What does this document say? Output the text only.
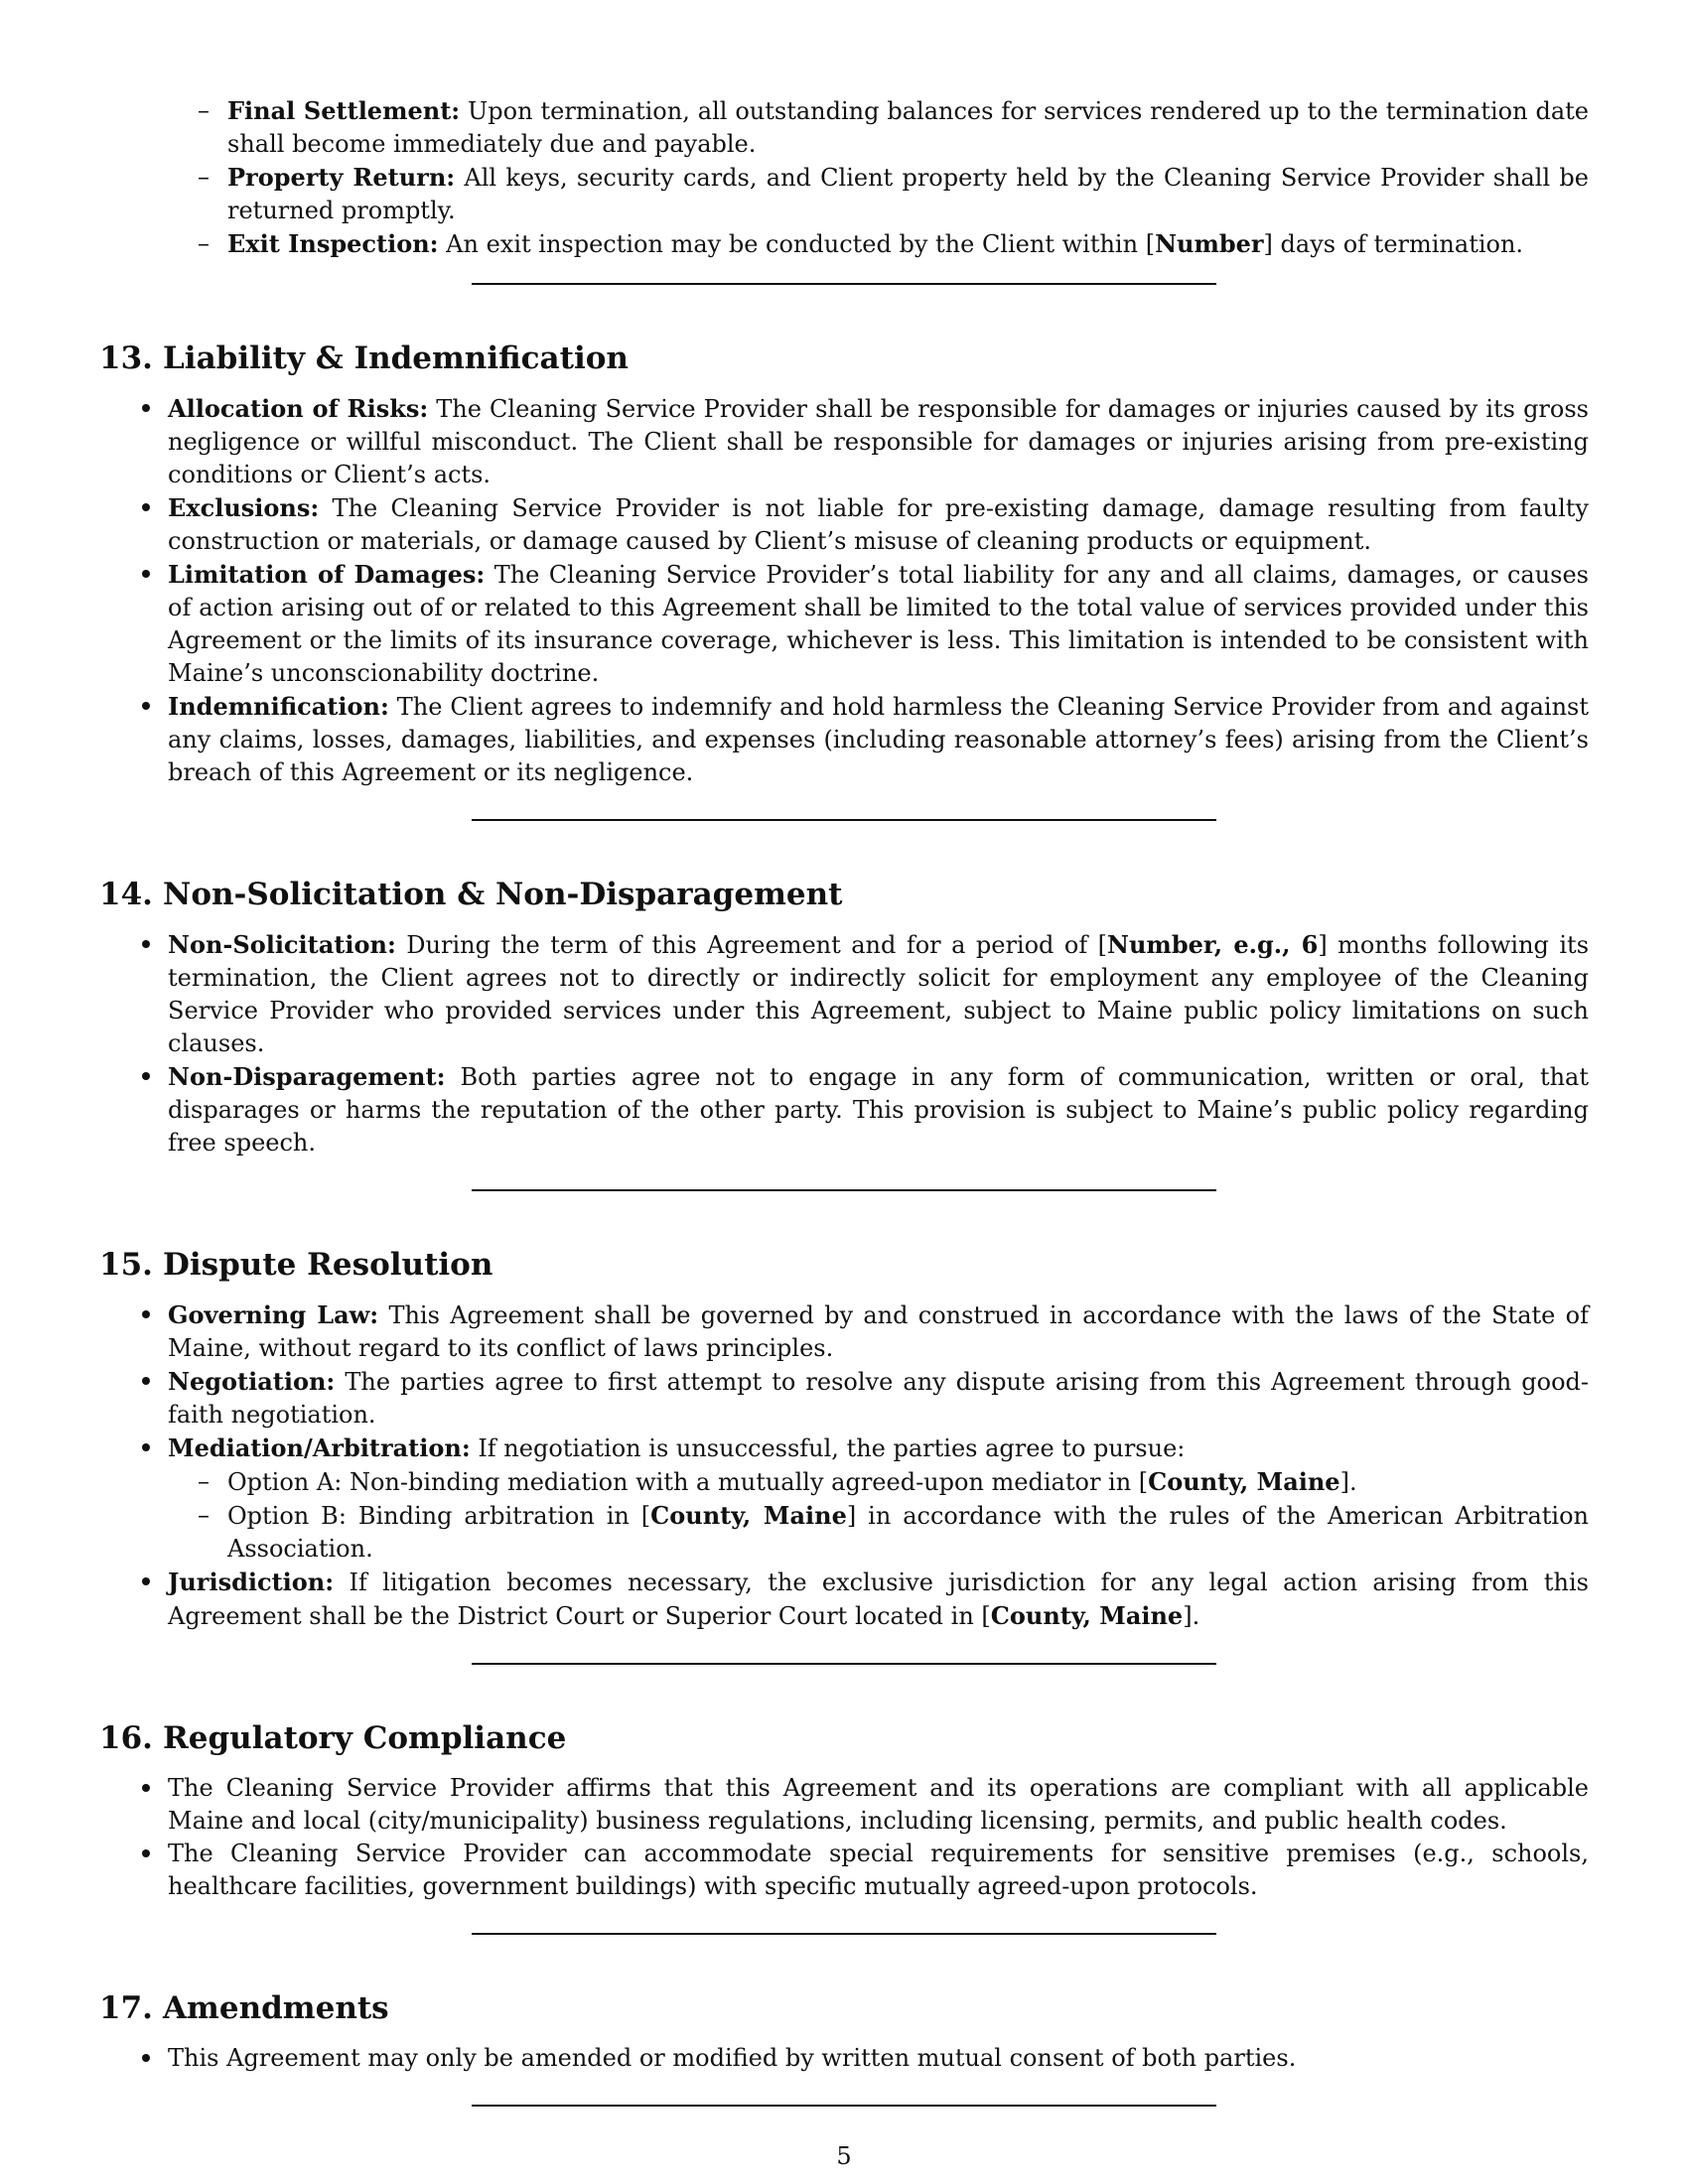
– Final Settlement: Upon termination, all outstanding balances for services rendered up to the termination date shall become immediately due and payable.
– Property Return: All keys, security cards, and Client property held by the Cleaning Service Provider shall be returned promptly.
– Exit Inspection: An exit inspection may be conducted by the Client within [Number] days of termination.
13. Liability & Indemnification
Allocation of Risks: The Cleaning Service Provider shall be responsible for damages or injuries caused by its gross negligence or willful misconduct. The Client shall be responsible for damages or injuries arising from pre-existing conditions or Client’s acts.
Exclusions: The Cleaning Service Provider is not liable for pre-existing damage, damage resulting from faulty construction or materials, or damage caused by Client’s misuse of cleaning products or equipment.
Limitation of Damages: The Cleaning Service Provider’s total liability for any and all claims, damages, or causes of action arising out of or related to this Agreement shall be limited to the total value of services provided under this Agreement or the limits of its insurance coverage, whichever is less. This limitation is intended to be consistent with Maine’s unconscionability doctrine.
Indemnification: The Client agrees to indemnify and hold harmless the Cleaning Service Provider from and against any claims, losses, damages, liabilities, and expenses (including reasonable attorney’s fees) arising from the Client’s breach of this Agreement or its negligence.
14. Non-Solicitation & Non-Disparagement
Non-Solicitation: During the term of this Agreement and for a period of [Number, e.g., 6] months following its termination, the Client agrees not to directly or indirectly solicit for employment any employee of the Cleaning Service Provider who provided services under this Agreement, subject to Maine public policy limitations on such clauses.
Non-Disparagement: Both parties agree not to engage in any form of communication, written or oral, that disparages or harms the reputation of the other party. This provision is subject to Maine’s public policy regarding free speech.
15. Dispute Resolution
Governing Law: This Agreement shall be governed by and construed in accordance with the laws of the State of Maine, without regard to its conflict of laws principles.
Negotiation: The parties agree to first attempt to resolve any dispute arising from this Agreement through good-faith negotiation.
Mediation/Arbitration: If negotiation is unsuccessful, the parties agree to pursue:
– Option A: Non-binding mediation with a mutually agreed-upon mediator in [County, Maine].
– Option B: Binding arbitration in [County, Maine] in accordance with the rules of the American Arbitration Association.
Jurisdiction: If litigation becomes necessary, the exclusive jurisdiction for any legal action arising from this Agreement shall be the District Court or Superior Court located in [County, Maine].
16. Regulatory Compliance
The Cleaning Service Provider affirms that this Agreement and its operations are compliant with all applicable Maine and local (city/municipality) business regulations, including licensing, permits, and public health codes.
The Cleaning Service Provider can accommodate special requirements for sensitive premises (e.g., schools, healthcare facilities, government buildings) with specific mutually agreed-upon protocols.
17. Amendments
This Agreement may only be amended or modified by written mutual consent of both parties.
5
